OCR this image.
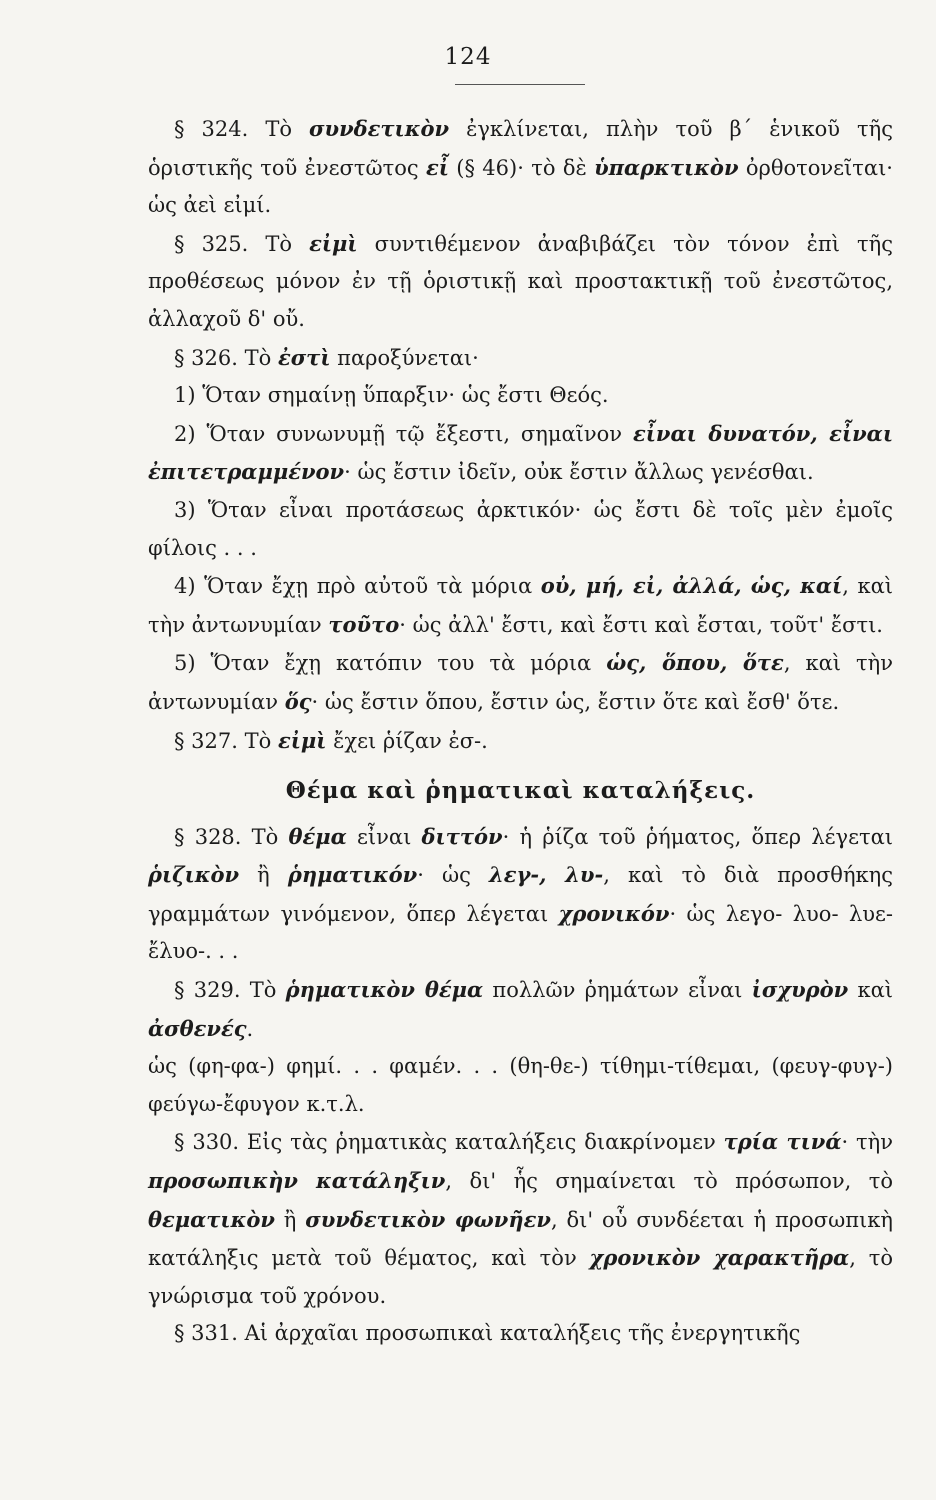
124

§ 324. Τὸ συνδετικὸν ἐγκλίνεται, πλὴν τοῦ β΄ ἑνικοῦ τῆς ὁριστικῆς τοῦ ἐνεστῶτος εἶ (§ 46)· τὸ δὲ ὑπαρκτικὸν ὀρθοτονεῖται· ὡς ἀεὶ εἰμί.

§ 325. Τὸ εἰμὶ συντιθέμενον ἀναβιβάζει τὸν τόνον ἐπὶ τῆς προθέσεως μόνον ἐν τῇ ὁριστικῇ καὶ προστακτικῇ τοῦ ἐνεστῶτος, ἀλλαχοῦ δ' οὔ.

§ 326. Τὸ ἐστὶ παροξύνεται·

1) Ὅταν σημαίνῃ ὕπαρξιν· ὡς ἔστι Θεός.

2) Ὅταν συνωνυμῇ τῷ ἔξεστι, σημαῖνον εἶναι δυνατόν, εἶναι ἐπιτετραμμένον· ὡς ἔστιν ἰδεῖν, οὐκ ἔστιν ἄλλως γενέσθαι.

3) Ὅταν εἶναι προτάσεως ἀρκτικόν· ὡς ἔστι δὲ τοῖς μὲν ἐμοῖς φίλοις . . .

4) Ὅταν ἔχῃ πρὸ αὐτοῦ τὰ μόρια οὐ, μή, εἰ, ἀλλά, ὡς, καί, καὶ τὴν ἀντωνυμίαν τοῦτο· ὡς ἀλλ' ἔστι, καὶ ἔστι καὶ ἔσται, τοῦτ' ἔστι.

5) Ὅταν ἔχῃ κατόπιν του τὰ μόρια ὡς, ὅπου, ὅτε, καὶ τὴν ἀντωνυμίαν ὅς· ὡς ἔστιν ὅπου, ἔστιν ὡς, ἔστιν ὅτε καὶ ἔσθ' ὅτε.

§ 327. Τὸ εἰμὶ ἔχει ῥίζαν ἐσ-.

Θέμα καὶ ῥηματικαὶ καταλήξεις.

§ 328. Τὸ θέμα εἶναι διττόν· ἡ ῥίζα τοῦ ῥήματος, ὅπερ λέγεται ῥιζικὸν ἢ ῥηματικόν· ὡς λεγ-, λυ-, καὶ τὸ διὰ προσθήκης γραμμάτων γινόμενον, ὅπερ λέγεται χρονικόν· ὡς λεγο- λυο- λυε- ἔλυο-. . .

§ 329. Τὸ ῥηματικὸν θέμα πολλῶν ῥημάτων εἶναι ἰσχυρὸν καὶ ἀσθενές.

ὡς (φη-φα-) φημί. . . φαμέν. . . (θη-θε-) τίθημι-τίθεμαι, (φευγ-φυγ-) φεύγω-ἔφυγον κ.τ.λ.

§ 330. Εἰς τὰς ῥηματικὰς καταλήξεις διακρίνομεν τρία τινά· τὴν προσωπικὴν κατάληξιν, δι' ἧς σημαίνεται τὸ πρόσωπον, τὸ θεματικὸν ἢ συνδετικὸν φωνῆεν, δι' οὗ συνδέεται ἡ προσωπικὴ κατάληξις μετὰ τοῦ θέματος, καὶ τὸν χρονικὸν χαρακτῆρα, τὸ γνώρισμα τοῦ χρόνου.

§ 331. Αἱ ἀρχαῖαι προσωπικαὶ καταλήξεις τῆς ἐνεργητικῆς
